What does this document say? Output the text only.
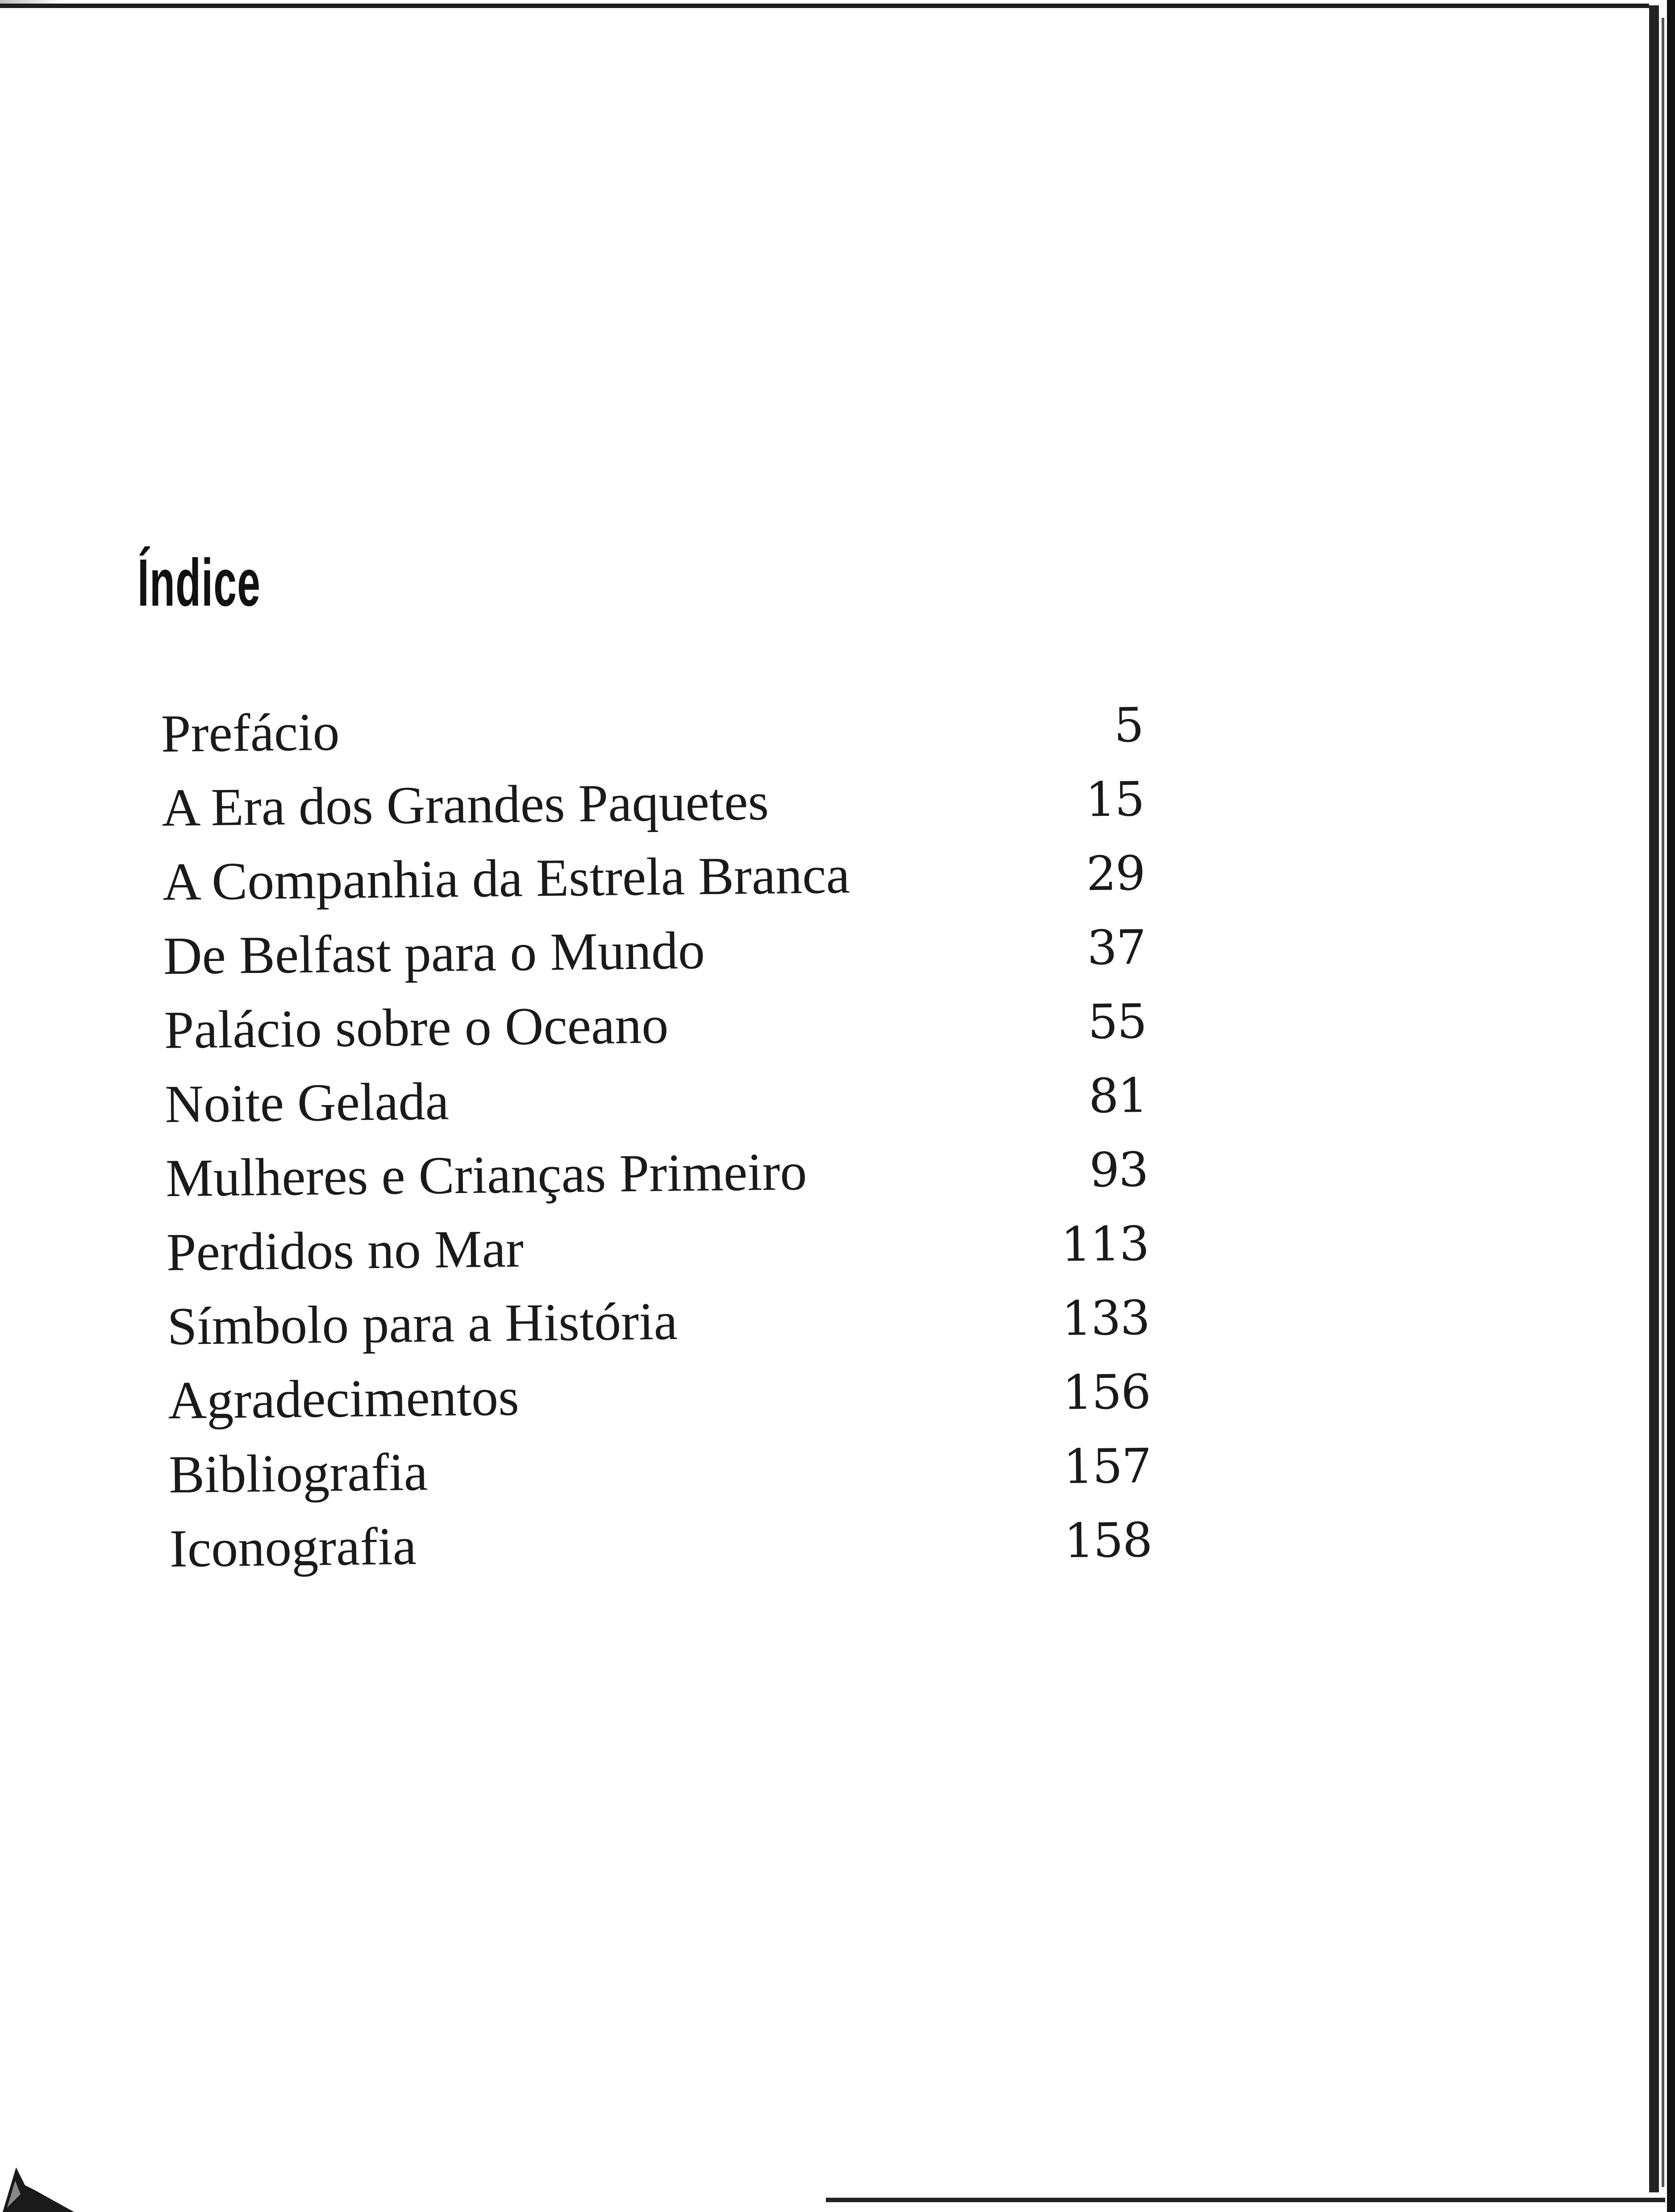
Índice
Prefácio	5
A Era dos Grandes Paquetes	15
A Companhia da Estrela Branca	29
De Belfast para o Mundo	37
Palácio sobre o Oceano	55
Noite Gelada	81
Mulheres e Crianças Primeiro	93
Perdidos no Mar	113
Símbolo para a História	133
Agradecimentos	156
Bibliografia	157
Iconografia	158
